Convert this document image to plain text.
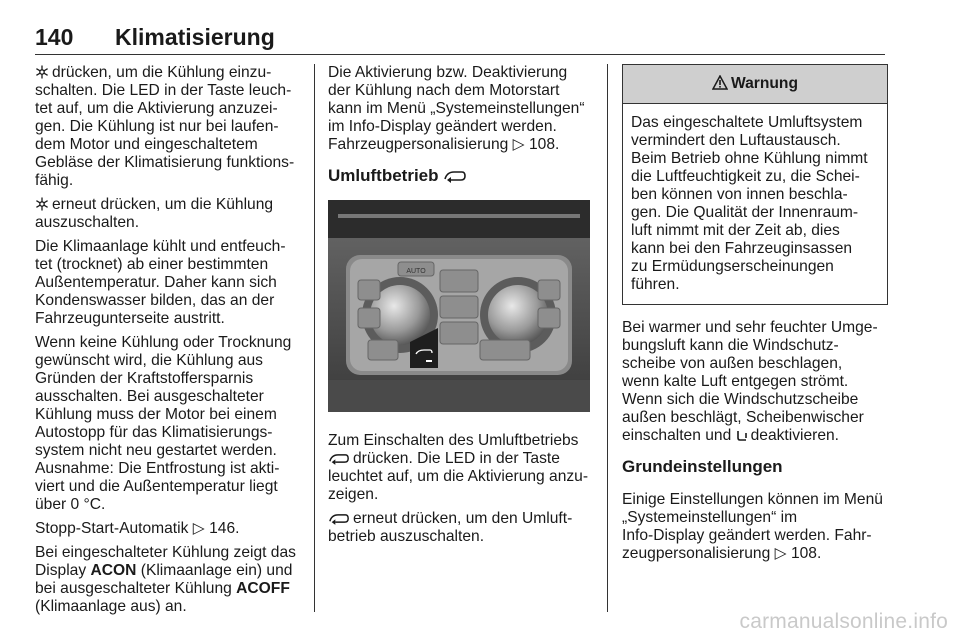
140 Klimatisierung

drücken, um die Kühlung einzu-
schalten. Die LED in der Taste leuch-
tet auf, um die Aktivierung anzuzei-
gen. Die Kühlung ist nur bei laufen-
dem Motor und eingeschaltetem
Gebläse der Klimatisierung funktions-
fähig.

erneut drücken, um die Kühlung
auszuschalten.

Die Klimaanlage kühlt und entfeuch-
tet (trocknet) ab einer bestimmten
Außentemperatur. Daher kann sich
Kondenswasser bilden, das an der
Fahrzeugunterseite austritt.

Wenn keine Kühlung oder Trocknung
gewünscht wird, die Kühlung aus
Gründen der Kraftstoffersparnis
ausschalten. Bei ausgeschalteter
Kühlung muss der Motor bei einem
Autostopp für das Klimatisierungs-
system nicht neu gestartet werden.
Ausnahme: Die Entfrostung ist akti-
viert und die Außentemperatur liegt
über 0 °C.

Stopp-Start-Automatik ▷ 146.

Bei eingeschalteter Kühlung zeigt das
Display ACON (Klimaanlage ein) und
bei ausgeschalteter Kühlung ACOFF
(Klimaanlage aus) an.

Die Aktivierung bzw. Deaktivierung
der Kühlung nach dem Motorstart
kann im Menü „Systemeinstellungen“
im Info-Display geändert werden.
Fahrzeugpersonalisierung ▷ 108.

Umluftbetrieb
AUTO

Zum Einschalten des Umluftbetriebs
drücken. Die LED in der Taste
leuchtet auf, um die Aktivierung anzu-
zeigen.

erneut drücken, um den Umluft-
betrieb auszuschalten.

Warnung
Das eingeschaltete Umluftsystem
vermindert den Luftaustausch.
Beim Betrieb ohne Kühlung nimmt
die Luftfeuchtigkeit zu, die Schei-
ben können von innen beschla-
gen. Die Qualität der Innenraum-
luft nimmt mit der Zeit ab, dies
kann bei den Fahrzeuginsassen
zu Ermüdungserscheinungen
führen.

Bei warmer und sehr feuchter Umge-
bungsluft kann die Windschutz-
scheibe von außen beschlagen,
wenn kalte Luft entgegen strömt.
Wenn sich die Windschutzscheibe
außen beschlägt, Scheibenwischer
einschalten und deaktivieren.

Grundeinstellungen

Einige Einstellungen können im Menü
„Systemeinstellungen“ im
Info-Display geändert werden. Fahr-
zeugpersonalisierung ▷ 108.

carmanualsonline.info
